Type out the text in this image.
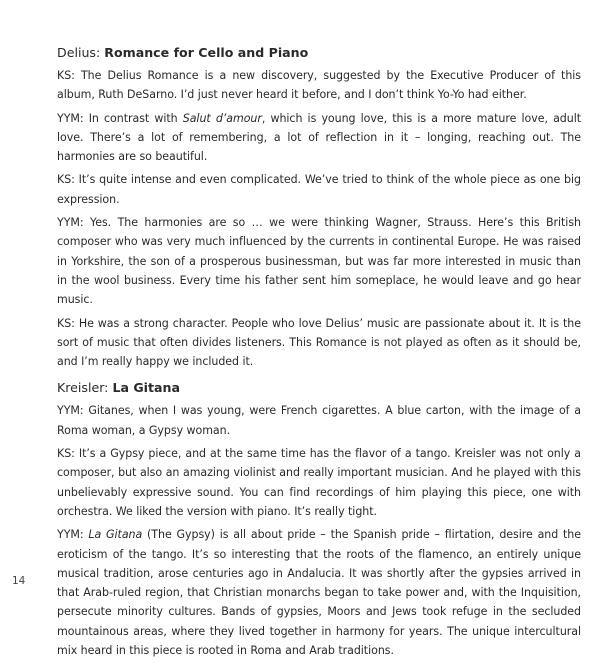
Delius: Romance for Cello and Piano

KS: The Delius Romance is a new discovery, suggested by the Executive Producer of this album, Ruth DeSarno. I’d just never heard it before, and I don’t think Yo-Yo had either.

YYM: In contrast with Salut d’amour, which is young love, this is a more mature love, adult love. There’s a lot of remembering, a lot of reflection in it – longing, reaching out. The harmonies are so beautiful.

KS: It’s quite intense and even complicated. We’ve tried to think of the whole piece as one big expression.

YYM: Yes. The harmonies are so … we were thinking Wagner, Strauss. Here’s this British composer who was very much influenced by the currents in continental Europe. He was raised in Yorkshire, the son of a prosperous businessman, but was far more interested in music than in the wool business. Every time his father sent him someplace, he would leave and go hear music.

KS: He was a strong character. People who love Delius’ music are passionate about it. It is the sort of music that often divides listeners. This Romance is not played as often as it should be, and I’m really happy we included it.

Kreisler: La Gitana

YYM: Gitanes, when I was young, were French cigarettes. A blue carton, with the image of a Roma woman, a Gypsy woman.

KS: It’s a Gypsy piece, and at the same time has the flavor of a tango. Kreisler was not only a composer, but also an amazing violinist and really important musician. And he played with this unbelievably expressive sound. You can find recordings of him playing this piece, one with orchestra. We liked the version with piano. It’s really tight.

YYM: La Gitana (The Gypsy) is all about pride – the Spanish pride – flirtation, desire and the eroticism of the tango. It’s so interesting that the roots of the flamenco, an entirely unique musical tradition, arose centuries ago in Andalucia. It was shortly after the gypsies arrived in that Arab-ruled region, that Christian monarchs began to take power and, with the Inquisition, persecute minority cultures. Bands of gypsies, Moors and Jews took refuge in the secluded mountainous areas, where they lived together in harmony for years. The unique intercultural mix heard in this piece is rooted in Roma and Arab traditions.

14
